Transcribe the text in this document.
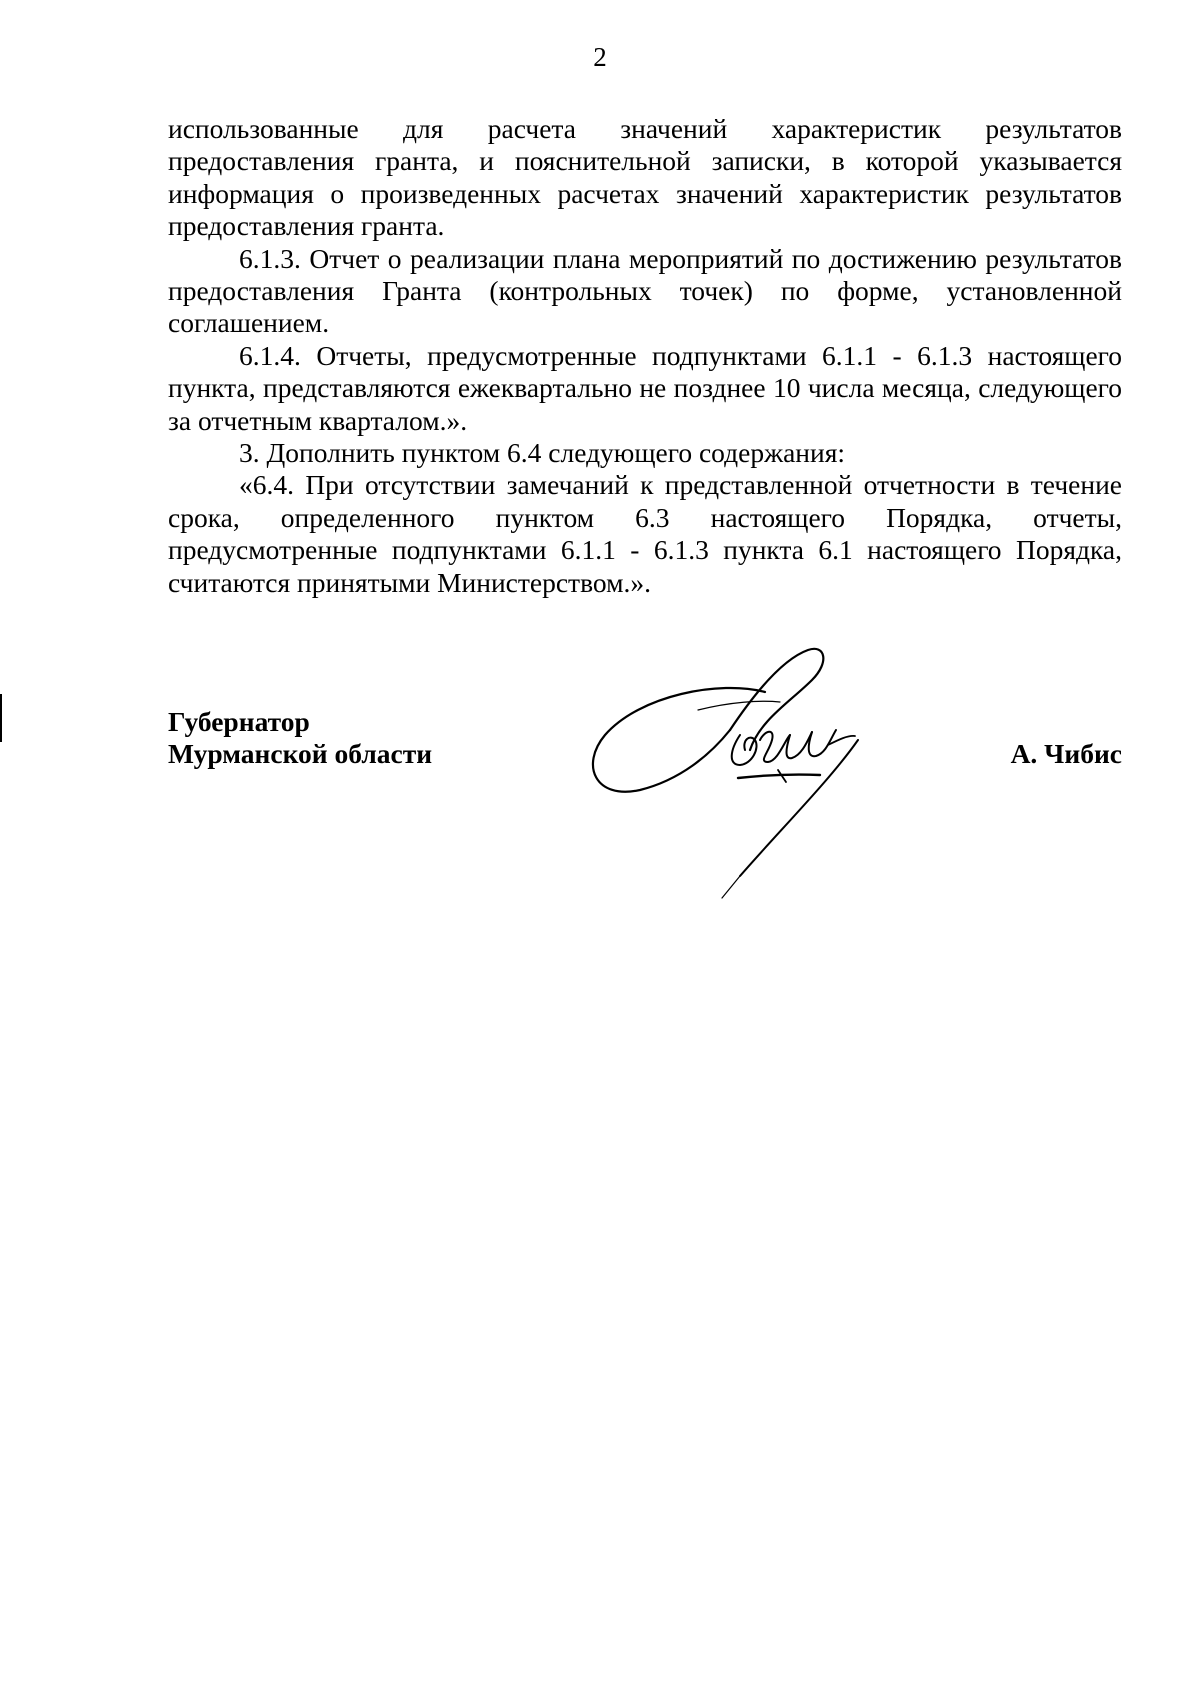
2

использованные для расчета значений характеристик результатов предоставления гранта, и пояснительной записки, в которой указывается информация о произведенных расчетах значений характеристик результатов предоставления гранта.

6.1.3. Отчет о реализации плана мероприятий по достижению результатов предоставления Гранта (контрольных точек) по форме, установленной соглашением.

6.1.4. Отчеты, предусмотренные подпунктами 6.1.1 - 6.1.3 настоящего пункта, представляются ежеквартально не позднее 10 числа месяца, следующего за отчетным кварталом.».

3. Дополнить пунктом 6.4 следующего содержания:

«6.4. При отсутствии замечаний к представленной отчетности в течение срока, определенного пунктом 6.3 настоящего Порядка, отчеты, предусмотренные подпунктами 6.1.1 - 6.1.3 пункта 6.1 настоящего Порядка, считаются принятыми Министерством.».

Губернатор
Мурманской области	А. Чибис
